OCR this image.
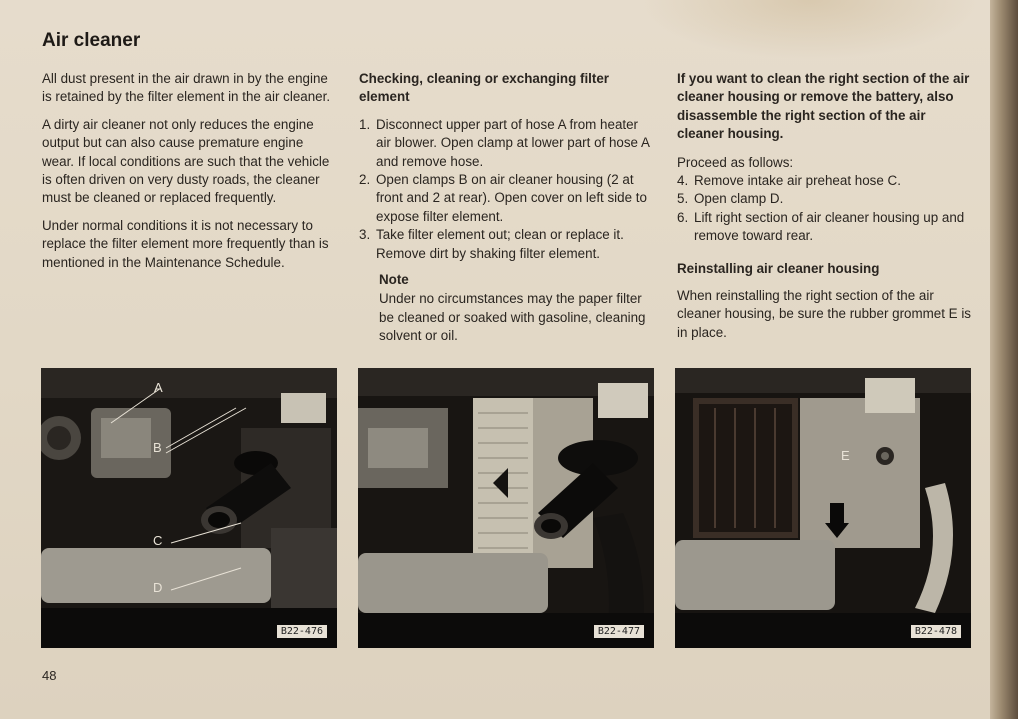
Air cleaner

All dust present in the air drawn in by the engine is retained by the filter element in the air cleaner.

A dirty air cleaner not only reduces the engine output but can also cause premature engine wear. If local conditions are such that the vehicle is often driven on very dusty roads, the cleaner must be cleaned or replaced frequently.

Under normal conditions it is not necessary to replace the filter element more frequently than is mentioned in the Maintenance Schedule.

Checking, cleaning or exchanging filter element
1. Disconnect upper part of hose A from heater air blower. Open clamp at lower part of hose A and remove hose.
2. Open clamps B on air cleaner housing (2 at front and 2 at rear). Open cover on left side to expose filter element.
3. Take filter element out; clean or replace it. Remove dirt by shaking filter element.
Note
Under no circumstances may the paper filter be cleaned or soaked with gasoline, cleaning solvent or oil.
If you want to clean the right section of the air cleaner housing or remove the battery, also disassemble the right section of the air cleaner housing.

Proceed as follows:

4. Remove intake air preheat hose C.
5. Open clamp D.
6. Lift right section of air cleaner housing up and remove toward rear.
Reinstalling air cleaner housing

When reinstalling the right section of the air cleaner housing, be sure the rubber grommet E is in place.

A
B
C
D
B22-476	B22-477
E
B22-478
48
